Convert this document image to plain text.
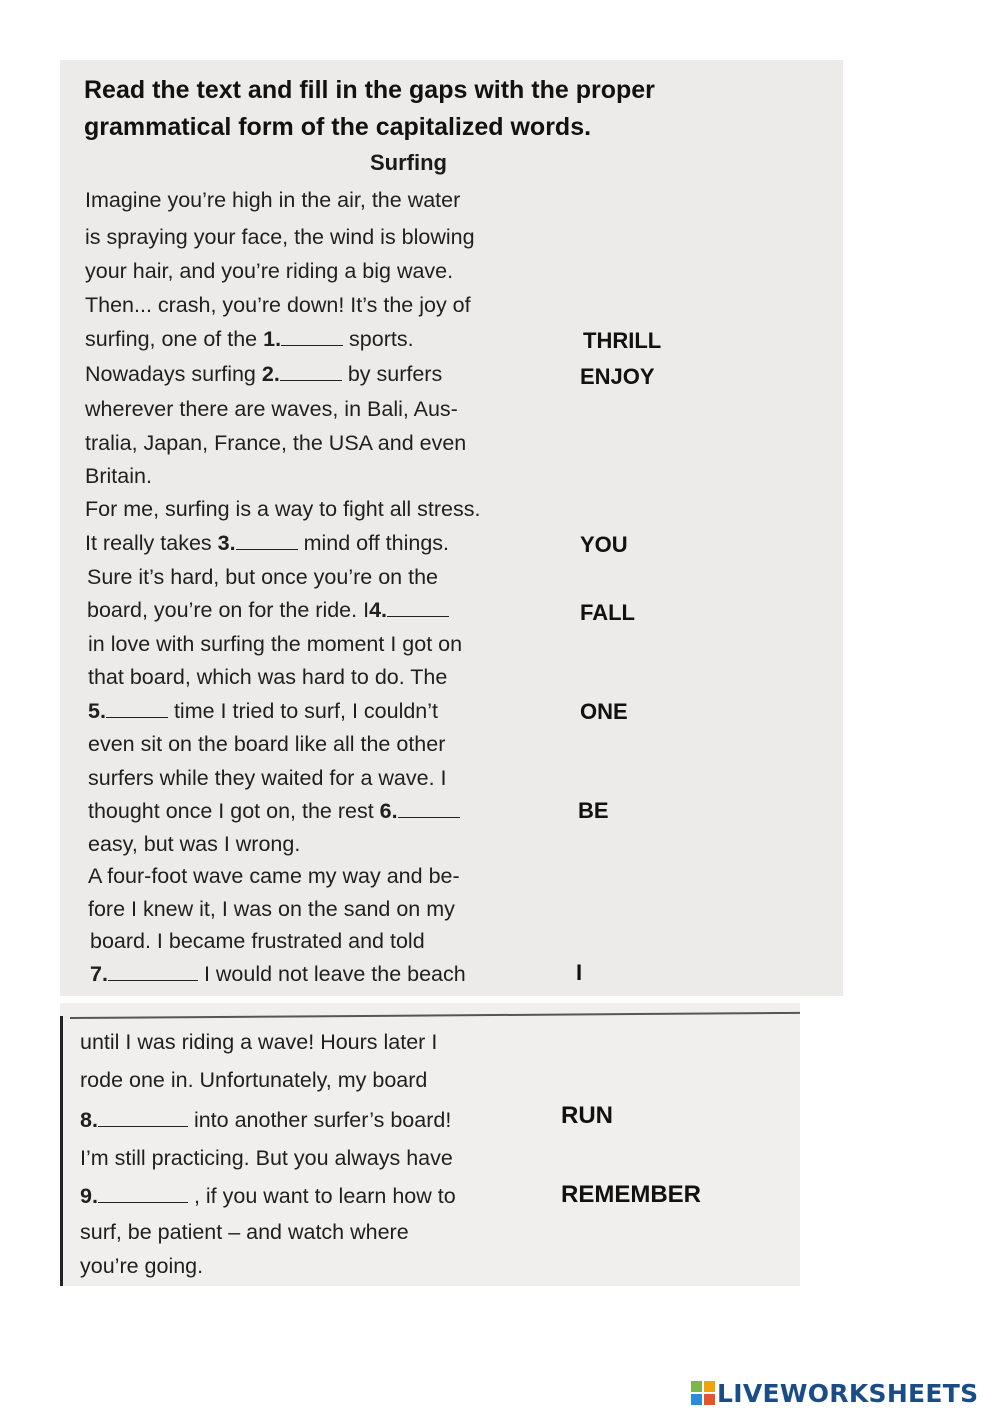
Read the text and fill in the gaps with the proper
grammatical form of the capitalized words.
Surfing
Imagine you’re high in the air, the water
is spraying your face, the wind is blowing
your hair, and you’re riding a big wave.
Then... crash, you’re down! It’s the joy of
surfing, one of the 1.	sports.	THRILL
Nowadays surfing 2.	by surfers	ENJOY
wherever there are waves, in Bali, Aus-
tralia, Japan, France, the USA and even
Britain.
For me, surfing is a way to fight all stress.
It really takes 3.	mind off things.	YOU
Sure it’s hard, but once you’re on the
board, you’re on for the ride. I4.	FALL
in love with surfing the moment I got on
that board, which was hard to do. The
5.	time I tried to surf, I couldn’t	ONE
even sit on the board like all the other
surfers while they waited for a wave. I
thought once I got on, the rest 6.	BE
easy, but was I wrong.
A four-foot wave came my way and be-
fore I knew it, I was on the sand on my
board. I became frustrated and told
7.	I would not leave the beach	I
until I was riding a wave! Hours later I
rode one in. Unfortunately, my board
8.	into another surfer’s board!	RUN
I’m still practicing. But you always have
9.	, if you want to learn how to	REMEMBER
surf, be patient – and watch where
you’re going.
LIVEWORKSHEETS
